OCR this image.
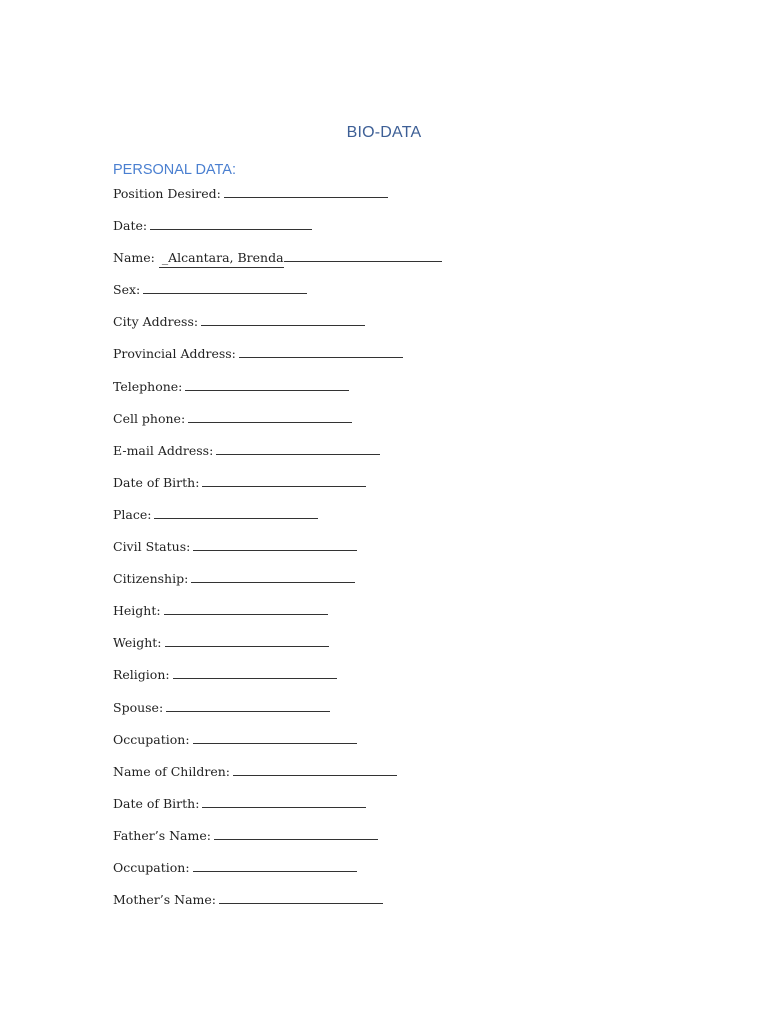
BIO-DATA
PERSONAL DATA:
Position Desired:
Date:
Name: _Alcantara, Brenda
Sex:
City Address:
Provincial Address:
Telephone:
Cell phone:
E-mail Address:
Date of Birth:
Place:
Civil Status:
Citizenship:
Height:
Weight:
Religion:
Spouse:
Occupation:
Name of Children:
Date of Birth:
Father’s Name:
Occupation:
Mother’s Name:
